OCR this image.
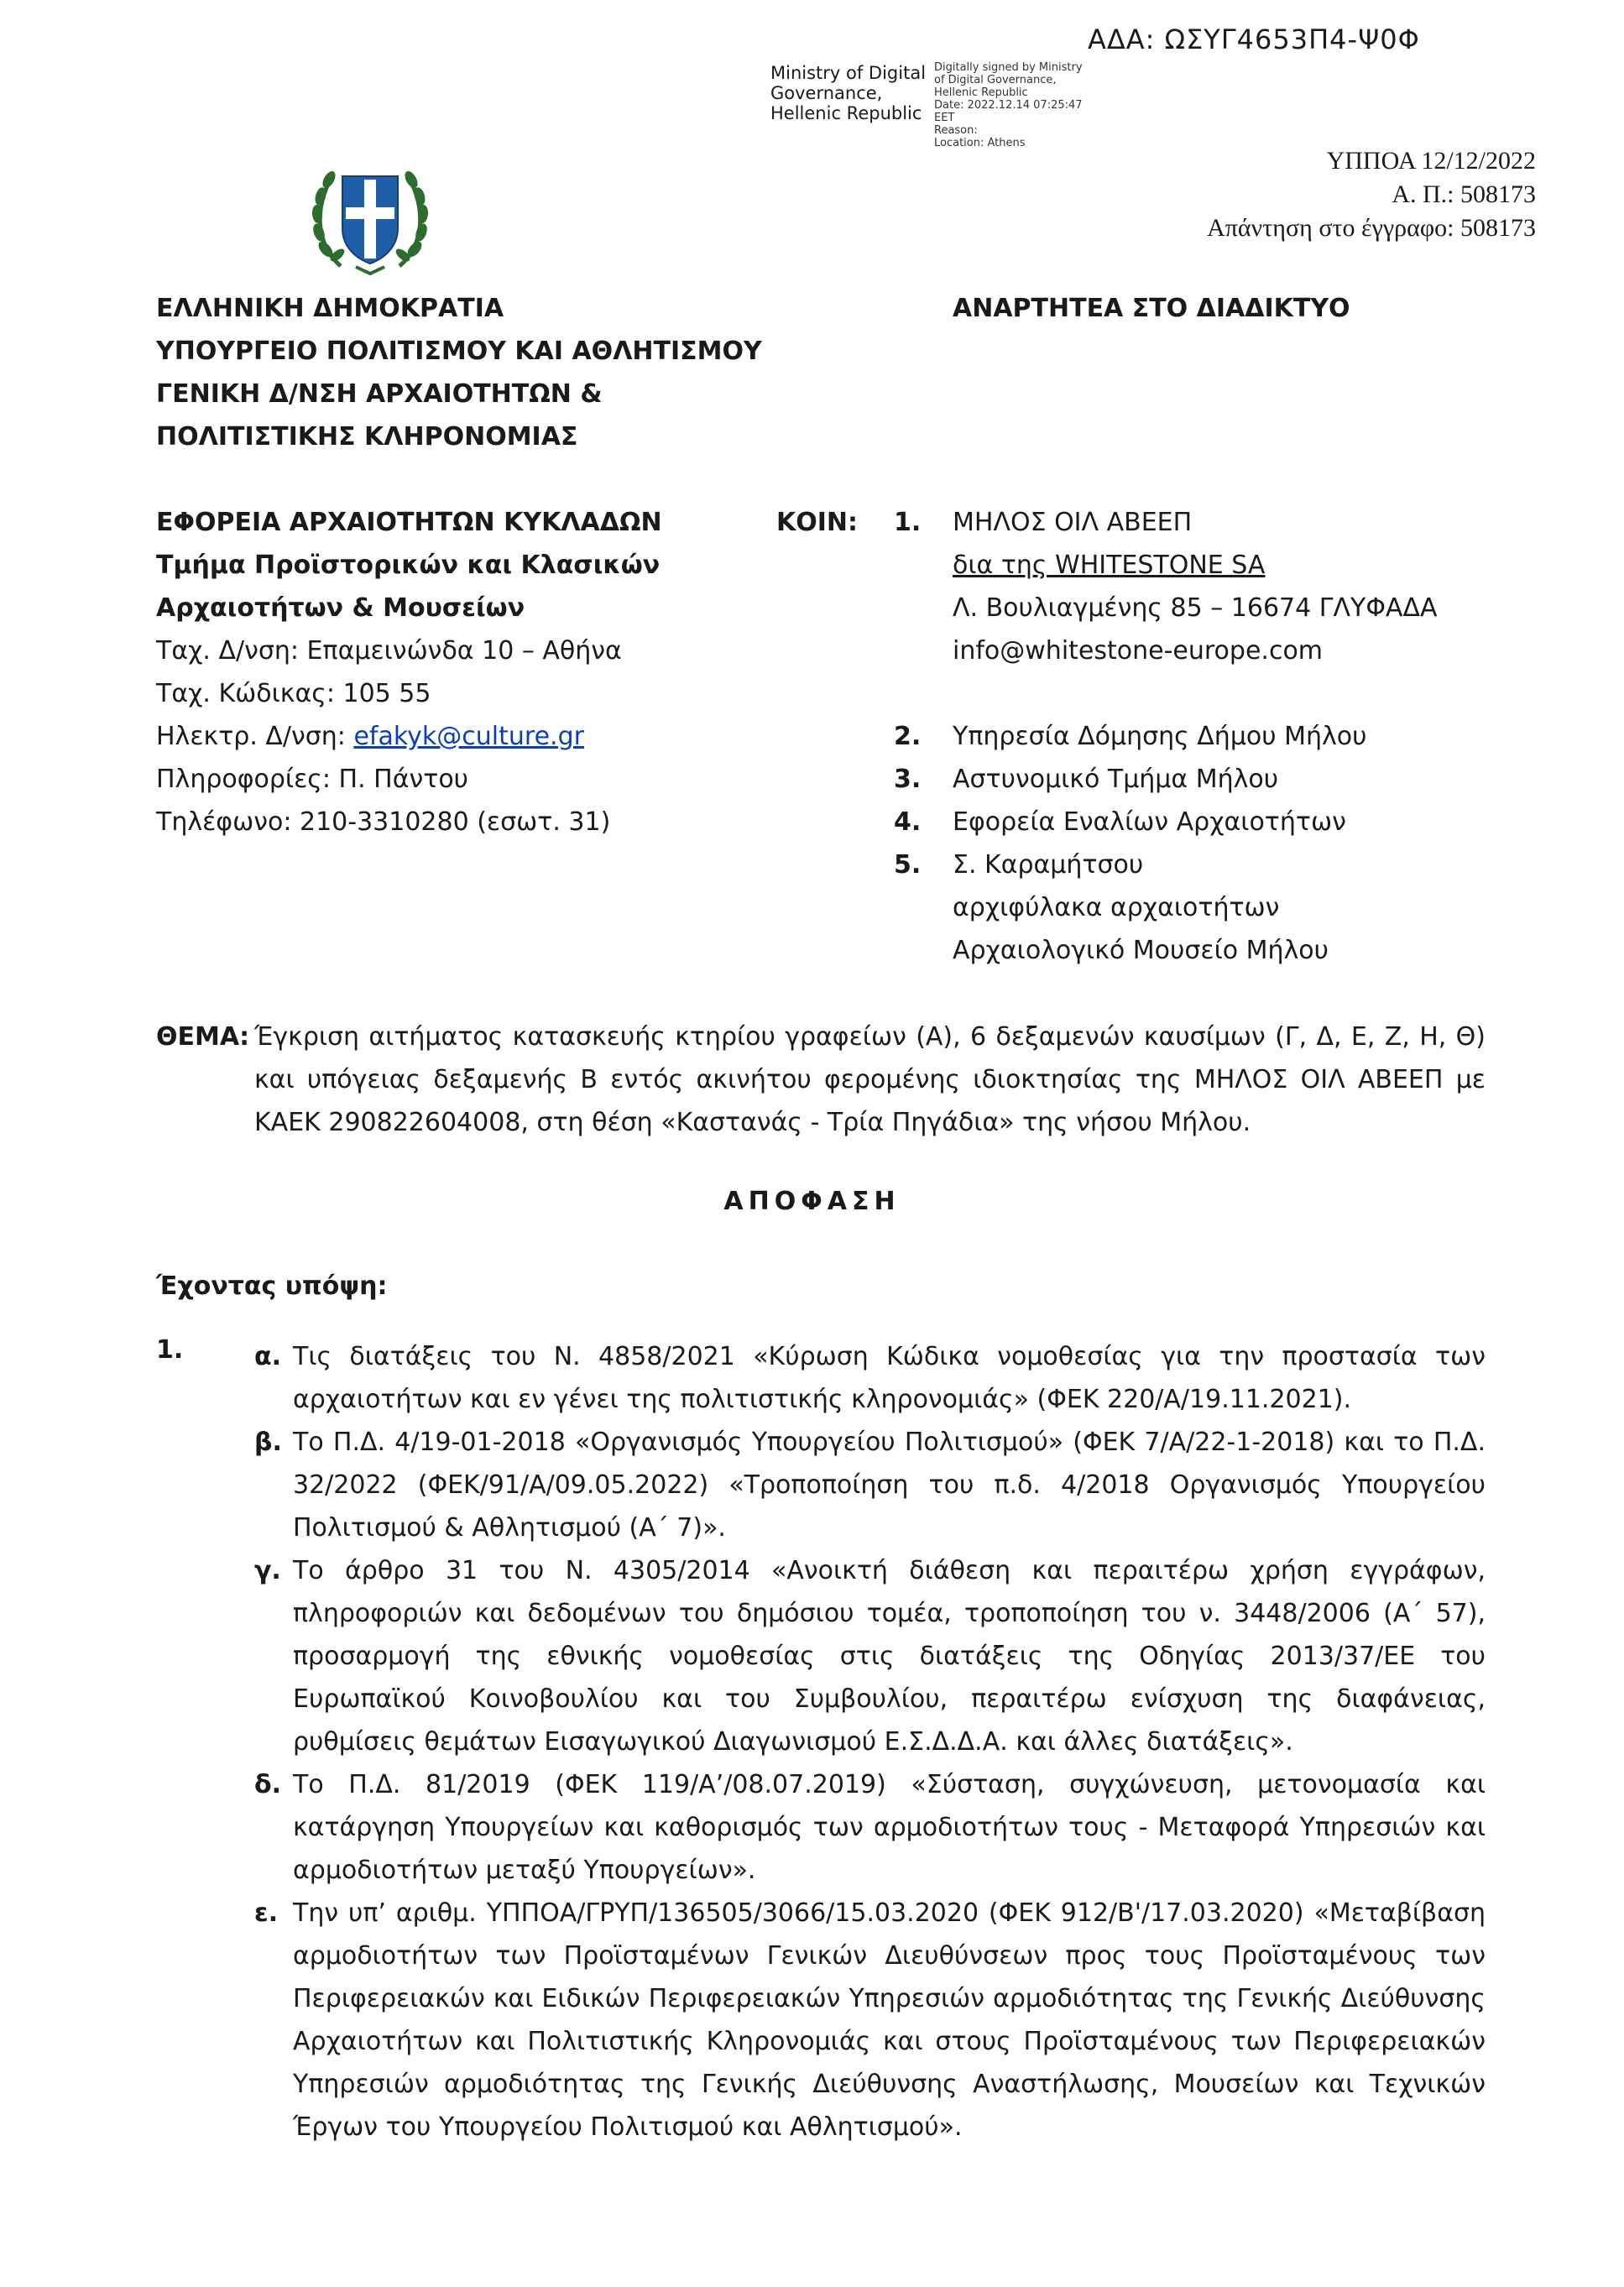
ΑΔΑ: ΩΣΥΓ4653Π4-Ψ0Φ
Ministry of Digital
Governance,
Hellenic Republic
Digitally signed by Ministry
of Digital Governance,
Hellenic Republic
Date: 2022.12.14 07:25:47
EET
Reason:
Location: Athens
ΥΠΠΟΑ 12/12/2022
Α. Π.: 508173
Απάντηση στο έγγραφο: 508173
ΕΛΛΗΝΙΚΗ ΔΗΜΟΚΡΑΤΙΑ
ΥΠΟΥΡΓΕΙΟ ΠΟΛΙΤΙΣΜΟΥ ΚΑΙ ΑΘΛΗΤΙΣΜΟΥ
ΓΕΝΙΚΗ Δ/ΝΣΗ ΑΡΧΑΙΟΤΗΤΩΝ &
ΠΟΛΙΤΙΣΤΙΚΗΣ ΚΛΗΡΟΝΟΜΙΑΣ
ΑΝΑΡΤΗΤΕΑ ΣΤΟ ΔΙΑΔΙΚΤΥΟ
ΕΦΟΡΕΙΑ ΑΡΧΑΙΟΤΗΤΩΝ ΚΥΚΛΑΔΩΝ
Τμήμα Προϊστορικών και Κλασικών
Αρχαιοτήτων & Μουσείων
Ταχ. Δ/νση: Επαμεινώνδα 10 – Αθήνα
Ταχ. Κώδικας: 105 55
Ηλεκτρ. Δ/νση: efakyk@culture.gr
Πληροφορίες: Π. Πάντου
Τηλέφωνο: 210-3310280 (εσωτ. 31)
ΚΟΙΝ: 1.

2.
3.
4.
5.
ΜΗΛΟΣ ΟΙΛ ΑΒΕΕΠ
δια της WHITESTONE SA
Λ. Βουλιαγμένης 85 – 16674 ΓΛΥΦΑΔΑ
info@whitestone-europe.com

Υπηρεσία Δόμησης Δήμου Μήλου
Αστυνομικό Τμήμα Μήλου
Εφορεία Εναλίων Αρχαιοτήτων
Σ. Καραμήτσου
αρχιφύλακα αρχαιοτήτων
Αρχαιολογικό Μουσείο Μήλου
ΘΕΜΑ: Έγκριση αιτήματος κατασκευής κτηρίου γραφείων (Α), 6 δεξαμενών καυσίμων (Γ, Δ, Ε, Ζ, Η, Θ) και υπόγειας δεξαμενής Β εντός ακινήτου φερομένης ιδιοκτησίας της ΜΗΛΟΣ ΟΙΛ ΑΒΕΕΠ με ΚΑΕΚ 290822604008, στη θέση «Καστανάς - Τρία Πηγάδια» της νήσου Μήλου.
ΑΠΟΦΑΣΗ
Έχοντας υπόψη:
1.	α. Τις διατάξεις του Ν. 4858/2021 «Κύρωση Κώδικα νομοθεσίας για την προστασία των αρχαιοτήτων και εν γένει της πολιτιστικής κληρονομιάς» (ΦΕΚ 220/Α/19.11.2021).
β. Το Π.Δ. 4/19-01-2018 «Οργανισμός Υπουργείου Πολιτισμού» (ΦΕΚ 7/Α/22-1-2018) και το Π.Δ. 32/2022 (ΦΕΚ/91/Α/09.05.2022) «Τροποποίηση του π.δ. 4/2018 Οργανισμός Υπουργείου Πολιτισμού & Αθλητισμού (Α΄ 7)».
γ. Το άρθρο 31 του Ν. 4305/2014 «Ανοικτή διάθεση και περαιτέρω χρήση εγγράφων, πληροφοριών και δεδομένων του δημόσιου τομέα, τροποποίηση του ν. 3448/2006 (Α΄ 57), προσαρμογή της εθνικής νομοθεσίας στις διατάξεις της Οδηγίας 2013/37/ΕΕ του Ευρωπαϊκού Κοινοβουλίου και του Συμβουλίου, περαιτέρω ενίσχυση της διαφάνειας, ρυθμίσεις θεμάτων Εισαγωγικού Διαγωνισμού Ε.Σ.Δ.Δ.Α. και άλλες διατάξεις».
δ. Το Π.Δ. 81/2019 (ΦΕΚ 119/Α’/08.07.2019) «Σύσταση, συγχώνευση, μετονομασία και κατάργηση Υπουργείων και καθορισμός των αρμοδιοτήτων τους - Μεταφορά Υπηρεσιών και αρμοδιοτήτων μεταξύ Υπουργείων».
ε. Την υπ’ αριθμ. ΥΠΠΟΑ/ΓΡΥΠ/136505/3066/15.03.2020 (ΦΕΚ 912/Β'/17.03.2020) «Μεταβίβαση αρμοδιοτήτων των Προϊσταμένων Γενικών Διευθύνσεων προς τους Προϊσταμένους των Περιφερειακών και Ειδικών Περιφερειακών Υπηρεσιών αρμοδιότητας της Γενικής Διεύθυνσης Αρχαιοτήτων και Πολιτιστικής Κληρονομιάς και στους Προϊσταμένους των Περιφερειακών Υπηρεσιών αρμοδιότητας της Γενικής Διεύθυνσης Αναστήλωσης, Μουσείων και Τεχνικών Έργων του Υπουργείου Πολιτισμού και Αθλητισμού».
